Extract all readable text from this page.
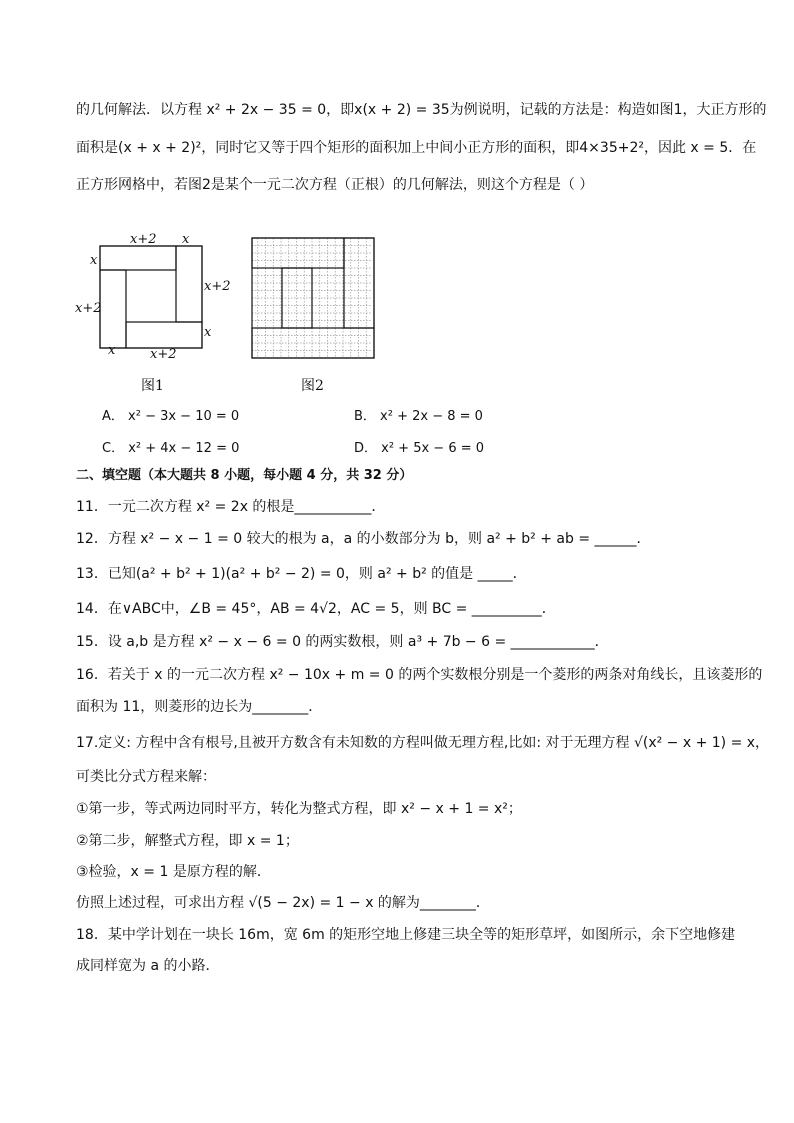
的几何解法．以方程 x² + 2x − 35 = 0，即x(x + 2) = 35为例说明，记载的方法是：构造如图1，大正方形的
面积是(x + x + 2)²，同时它又等于四个矩形的面积加上中间小正方形的面积，即4×35+2²，因此 x = 5．在
正方形网格中，若图2是某个一元二次方程（正根）的几何解法，则这个方程是（ ）
x+2 x
x
x+2
x+2
x
x	x+2
图1	图2
A． x² − 3x − 10 = 0	B． x² + 2x − 8 = 0
C． x² + 4x − 12 = 0	D． x² + 5x − 6 = 0
二、填空题（本大题共 8 小题，每小题 4 分，共 32 分）
11．一元二次方程 x² = 2x 的根是___________．
12．方程 x² − x − 1 = 0 较大的根为 a，a 的小数部分为 b，则 a² + b² + ab = ______．
13．已知(a² + b² + 1)(a² + b² − 2) = 0，则 a² + b² 的值是 _____．
14．在∨ABC中，∠B = 45°，AB = 4√2，AC = 5，则 BC = __________．
15．设 a,b 是方程 x² − x − 6 = 0 的两实数根，则 a³ + 7b − 6 = ____________．
16．若关于 x 的一元二次方程 x² − 10x + m = 0 的两个实数根分别是一个菱形的两条对角线长，且该菱形的
面积为 11，则菱形的边长为________．
17.定义: 方程中含有根号,且被开方数含有未知数的方程叫做无理方程,比如: 对于无理方程 √(x² − x + 1) = x，
可类比分式方程来解：
①第一步，等式两边同时平方，转化为整式方程，即 x² − x + 1 = x²；
②第二步，解整式方程，即 x = 1；
③检验，x = 1 是原方程的解．
仿照上述过程，可求出方程 √(5 − 2x) = 1 − x 的解为________．
18．某中学计划在一块长 16m，宽 6m 的矩形空地上修建三块全等的矩形草坪，如图所示，余下空地修建
成同样宽为 a 的小路．
